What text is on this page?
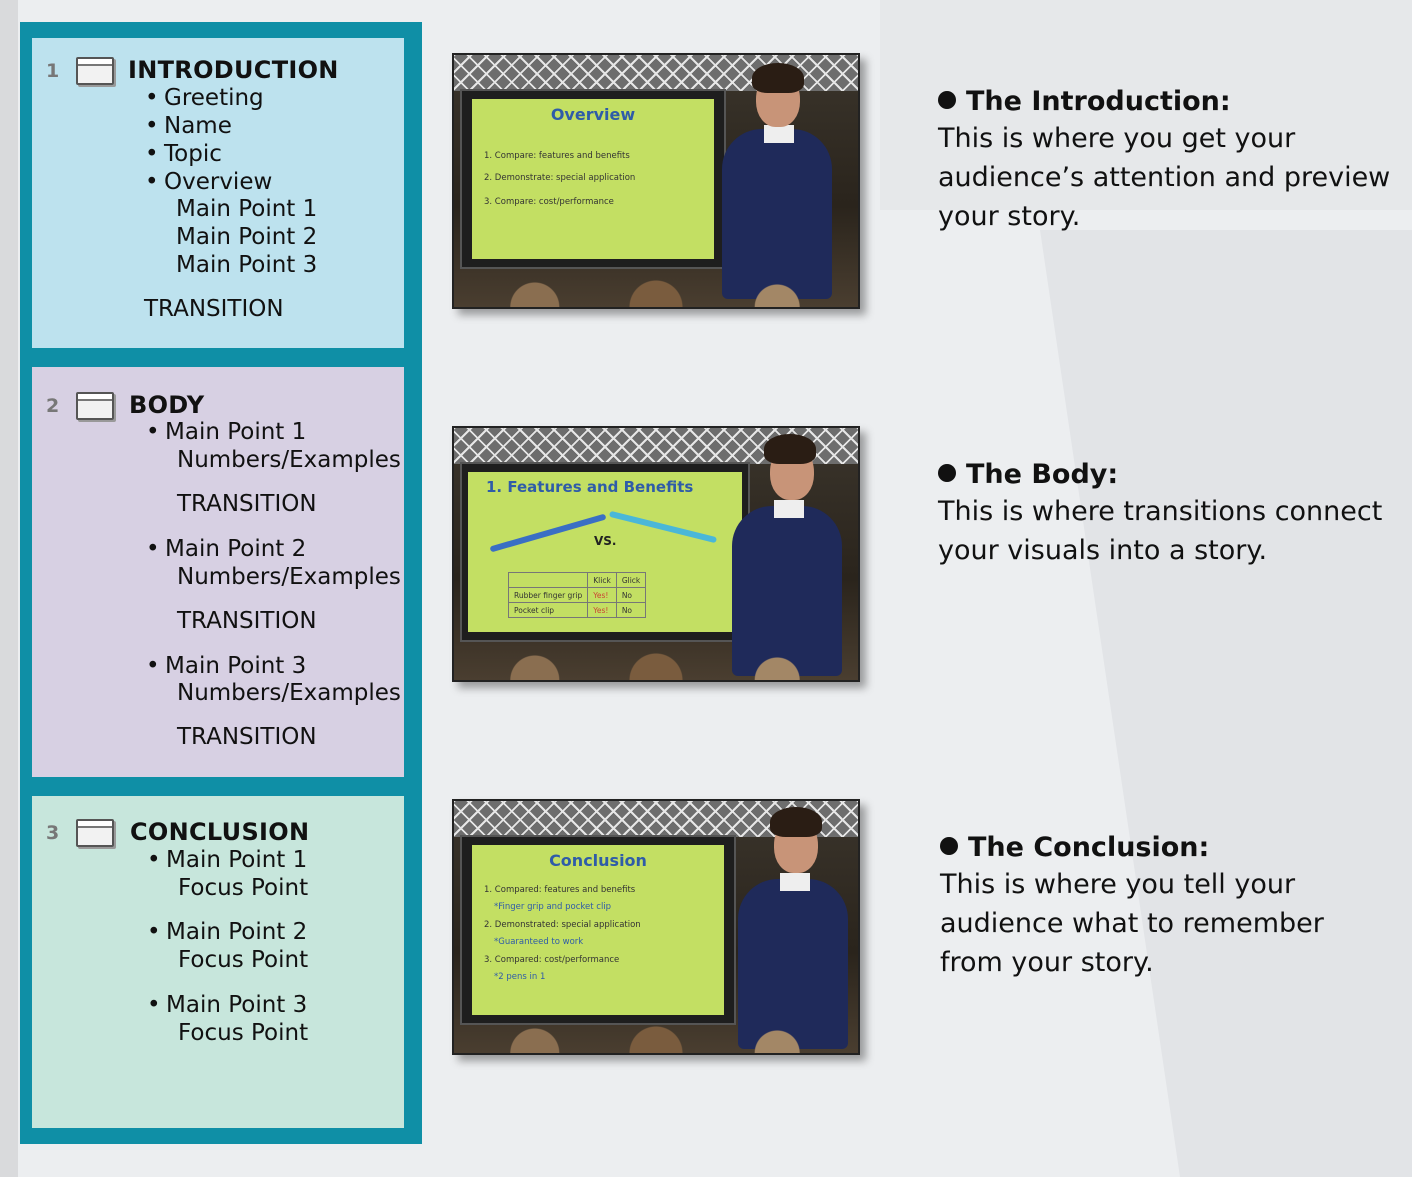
1	INTRODUCTION
• Greeting
• Name
• Topic
• Overview
Main Point 1
Main Point 2
Main Point 3
TRANSITION
2	BODY
• Main Point 1
Numbers/Examples
TRANSITION
• Main Point 2
Numbers/Examples
TRANSITION
• Main Point 3
Numbers/Examples
TRANSITION
3	CONCLUSION
• Main Point 1
Focus Point
• Main Point 2
Focus Point
• Main Point 3
Focus Point
Overview
1. Compare: features and benefits
2. Demonstrate: special application
3. Compare: cost/performance
1. Features and Benefits
VS.
	Klick	Glick
Rubber finger grip	Yes!	No
Pocket clip	Yes!	No
Conclusion
1. Compared: features and benefits
*Finger grip and pocket clip
2. Demonstrated: special application
*Guaranteed to work
3. Compared: cost/performance
*2 pens in 1
The Introduction:
This is where you get your audience’s attention and preview your story.
The Body:
This is where transitions connect your visuals into a story.
The Conclusion:
This is where you tell your audience what to remember from your story.
